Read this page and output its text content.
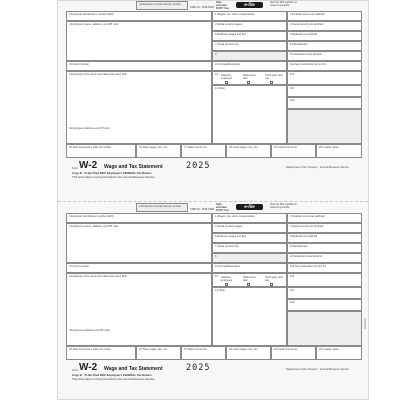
a Employee's social security number
OMB No. 1545-0008
Safe, accurate, FAST! Use
e-file	Visit the IRS website at www.irs.gov/efile
b Employer identification number (EIN)
c Employer's name, address, and ZIP code
d Control number
e Employee's first name and initial Last name Suff.
f Employee's address and ZIP code
1 Wages, tips, other compensation	2 Federal income tax withheld
3 Social security wages	4 Social security tax withheld
5 Medicare wages and tips	6 Medicare tax withheld
7 Social security tips	8 Allocated tips
9	10 Dependent care benefits
11 Nonqualified plans	12a See instructions for box 12
13 Statutory employee
Retirement plan
Third-party sick pay
12b
14 Other	12c
12d
15 State Employer's state ID number	16 State wages, tips, etc.	17 State income tax	18 Local wages, tips, etc.	19 Local income tax	20 Locality name
Form W-2 Wage and Tax Statement	2025	Department of the Treasury - Internal Revenue Service
Copy B - To Be Filed With Employee's FEDERAL Tax Return.
This information is being furnished to the Internal Revenue Service.
a Employee's social security number
OMB No. 1545-0008
Safe, accurate, FAST! Use
e-file	Visit the IRS website at www.irs.gov/efile
b Employer identification number (EIN)
c Employer's name, address, and ZIP code
d Control number
e Employee's first name and initial Last name Suff.
f Employee's address and ZIP code
1 Wages, tips, other compensation	2 Federal income tax withheld
3 Social security wages	4 Social security tax withheld
5 Medicare wages and tips	6 Medicare tax withheld
7 Social security tips	8 Allocated tips
9	10 Dependent care benefits
11 Nonqualified plans	12a See instructions for box 12
13 Statutory employee
Retirement plan
Third-party sick pay
12b
14 Other	12c
12d
15 State Employer's state ID number	16 State wages, tips, etc.	17 State income tax	18 Local wages, tips, etc.	19 Local income tax	20 Locality name
Form W-2 Wage and Tax Statement	2025	Department of the Treasury - Internal Revenue Service
Copy B - To Be Filed With Employee's FEDERAL Tax Return.
This information is being furnished to the Internal Revenue Service.
LW2B25
